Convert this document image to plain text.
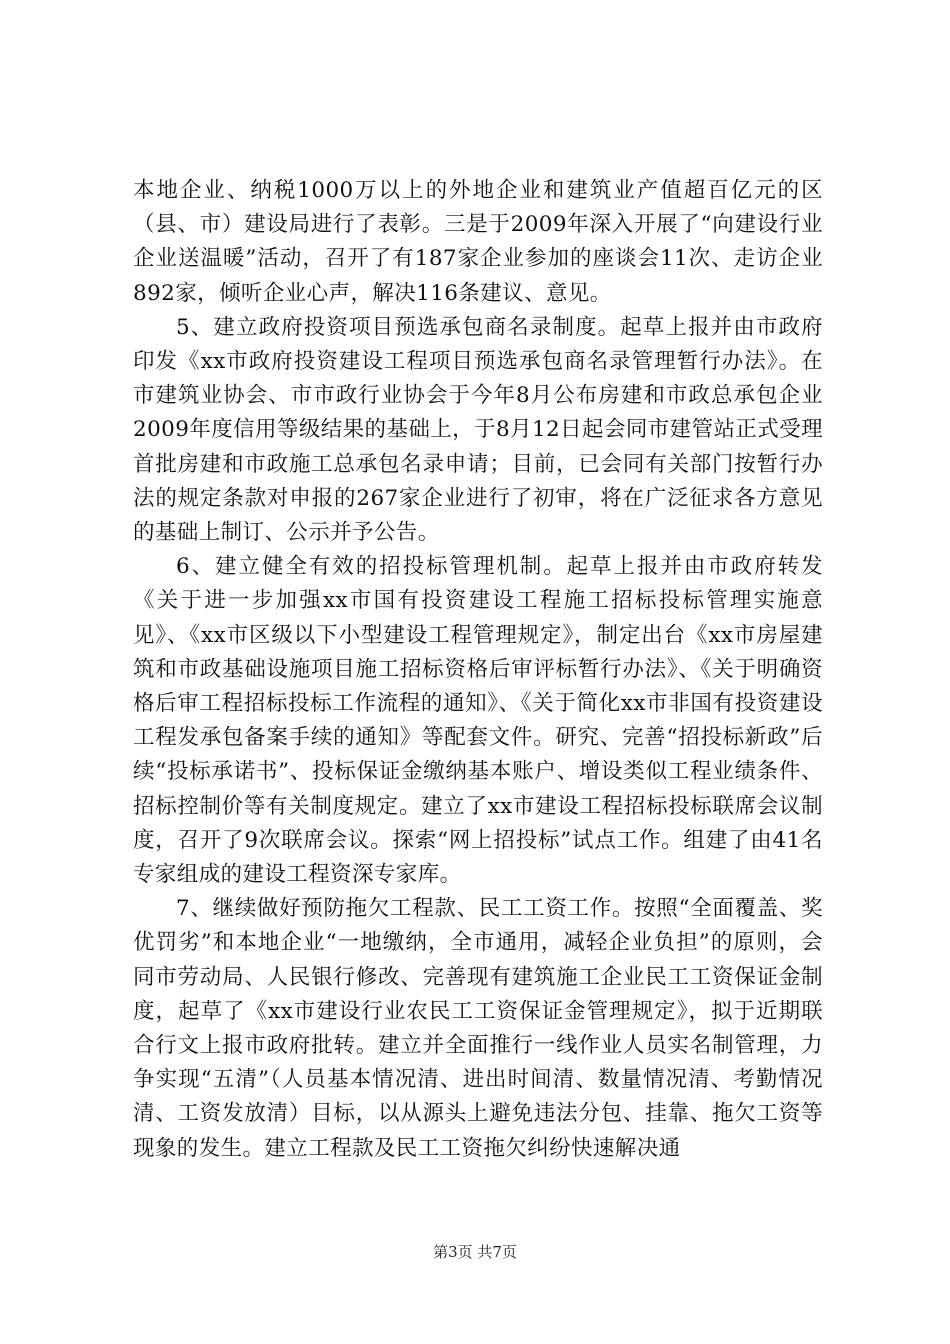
本地企业、纳税1000万以上的外地企业和建筑业产值超百亿元的区（县、市）建设局进行了表彰。三是于2009年深入开展了“向建设行业企业送温暖”活动，召开了有187家企业参加的座谈会11次、走访企业892家，倾听企业心声，解决116条建议、意见。

5、建立政府投资项目预选承包商名录制度。起草上报并由市政府印发《xx市政府投资建设工程项目预选承包商名录管理暂行办法》。在市建筑业协会、市市政行业协会于今年8月公布房建和市政总承包企业2009年度信用等级结果的基础上，于8月12日起会同市建管站正式受理首批房建和市政施工总承包名录申请；目前，已会同有关部门按暂行办法的规定条款对申报的267家企业进行了初审，将在广泛征求各方意见的基础上制订、公示并予公告。

6、建立健全有效的招投标管理机制。起草上报并由市政府转发《关于进一步加强xx市国有投资建设工程施工招标投标管理实施意见》、《xx市区级以下小型建设工程管理规定》，制定出台《xx市房屋建筑和市政基础设施项目施工招标资格后审评标暂行办法》、《关于明确资格后审工程招标投标工作流程的通知》、《关于简化xx市非国有投资建设工程发承包备案手续的通知》等配套文件。研究、完善“招投标新政”后续“投标承诺书”、投标保证金缴纳基本账户、增设类似工程业绩条件、招标控制价等有关制度规定。建立了xx市建设工程招标投标联席会议制度，召开了9次联席会议。探索“网上招投标”试点工作。组建了由41名专家组成的建设工程资深专家库。

7、继续做好预防拖欠工程款、民工工资工作。按照“全面覆盖、奖优罚劣”和本地企业“一地缴纳，全市通用，减轻企业负担”的原则，会同市劳动局、人民银行修改、完善现有建筑施工企业民工工资保证金制度，起草了《xx市建设行业农民工工资保证金管理规定》，拟于近期联合行文上报市政府批转。建立并全面推行一线作业人员实名制管理，力争实现“五清”（人员基本情况清、进出时间清、数量情况清、考勤情况清、工资发放清）目标，以从源头上避免违法分包、挂靠、拖欠工资等现象的发生。建立工程款及民工工资拖欠纠纷快速解决通

第3页 共7页
